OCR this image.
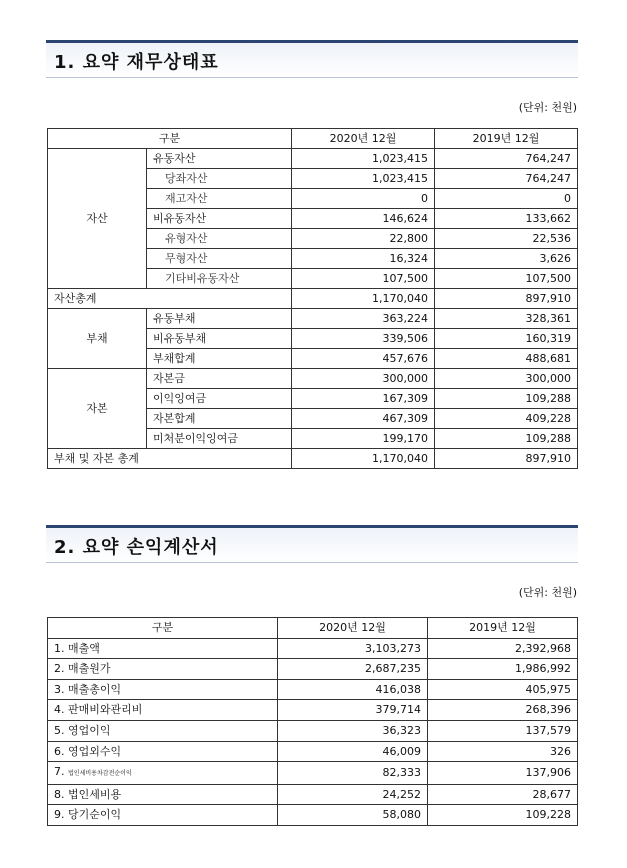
1. 요약 재무상태표
(단위: 천원)
구분		2020년 12월	2019년 12월
자산	유동자산	1,023,415	764,247
	당좌자산	1,023,415	764,247
	재고자산	0	0
	비유동자산	146,624	133,662
	유형자산	22,800	22,536
	무형자산	16,324	3,626
	기타비유동자산	107,500	107,500
자산총계		1,170,040	897,910
부채	유동부채	363,224	328,361
	비유동부채	339,506	160,319
	부채합계	457,676	488,681
자본	자본금	300,000	300,000
	이익잉여금	167,309	109,288
	자본합계	467,309	409,228
	미처분이익잉여금	199,170	109,288
부채 및 자본 총계		1,170,040	897,910
2. 요약 손익계산서
(단위: 천원)
구분	2020년 12월	2019년 12월
1. 매출액	3,103,273	2,392,968
2. 매출원가	2,687,235	1,986,992
3. 매출총이익	416,038	405,975
4. 판매비와관리비	379,714	268,396
5. 영업이익	36,323	137,579
6. 영업외수익	46,009	326
7. 법인세비용차감전순이익	82,333	137,906
8. 법인세비용	24,252	28,677
9. 당기순이익	58,080	109,228
